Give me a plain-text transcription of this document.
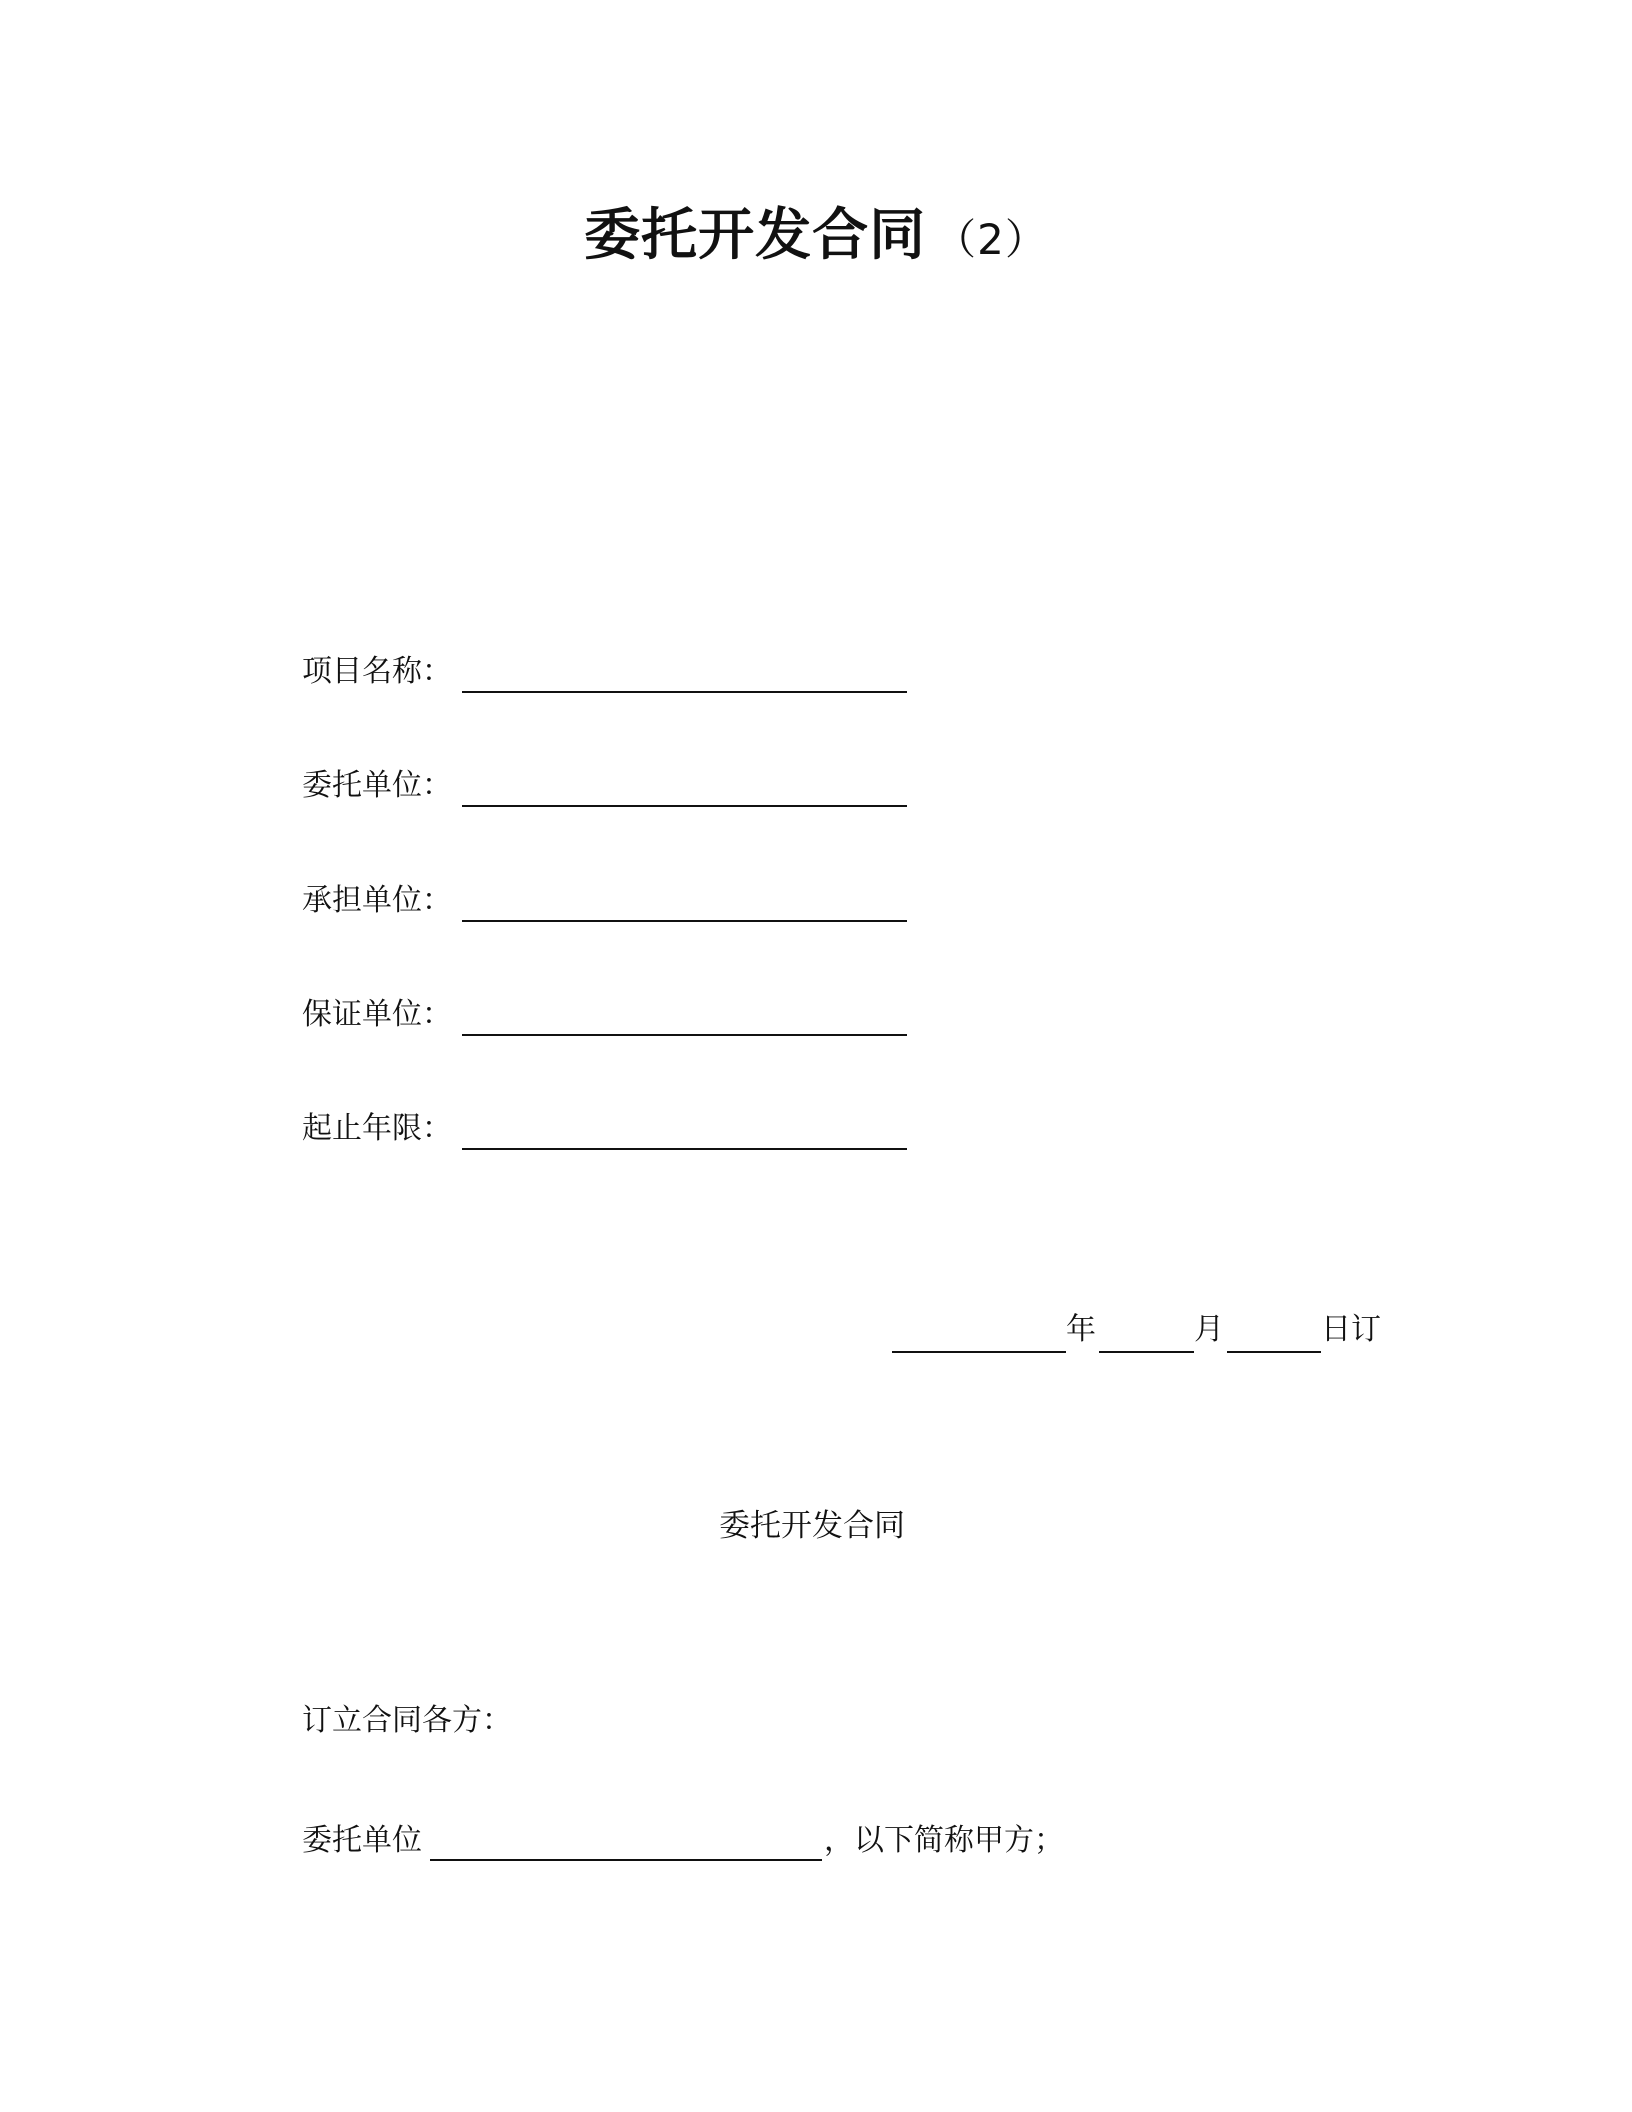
委托开发合同 （2）
项目名称：
委托单位：
承担单位：
保证单位：
起止年限：
年	月	日订
委托开发合同
订立合同各方：
委托单位	，以下简称甲方；
